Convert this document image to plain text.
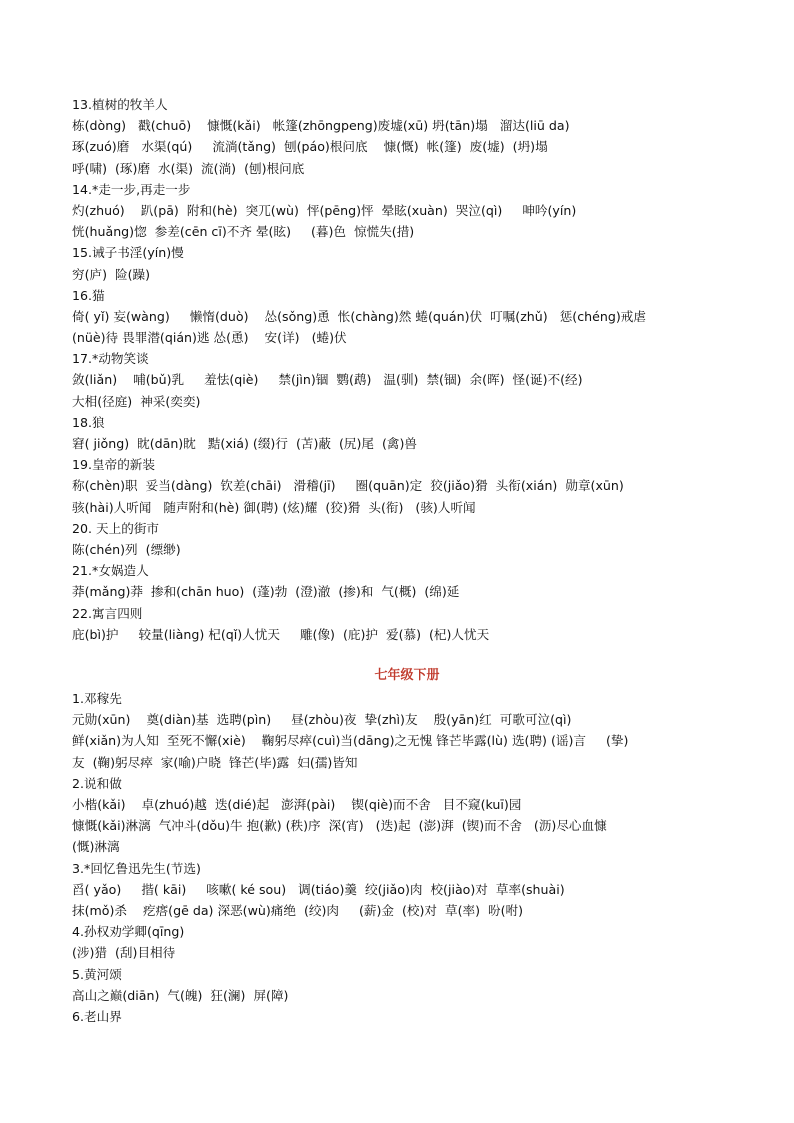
13.植树的牧羊人
栋(dòng)   戳(chuō)    慷慨(kǎi)   帐篷(zhōngpeng)废墟(xū) 坍(tān)塌   溜达(liū da)
琢(zuó)磨   水渠(qú)     流淌(tǎng)  刨(páo)根问底    慷(慨)  帐(篷)  废(墟)  (坍)塌
呼(啸)  (琢)磨  水(渠)  流(淌)  (刨)根问底
14.*走一步,再走一步
灼(zhuó)    趴(pā)  附和(hè)  突兀(wù)  怦(pēng)怦  晕眩(xuàn)  哭泣(qì)     呻吟(yín)
恍(huǎng)惚  参差(cēn cī)不齐 晕(眩)     (暮)色  惊慌失(措)
15.诫子书淫(yín)慢
穷(庐)  险(躁)
16.猫
倚( yǐ) 妄(wàng)     懒惰(duò)    怂(sǒng)恿  怅(chàng)然 蜷(quán)伏  叮嘱(zhǔ)   惩(chéng)戒虐
(nüè)待 畏罪潜(qián)逃 怂(恿)    安(详)   (蜷)伏
17.*动物笑谈
敛(liǎn)    哺(bǔ)乳     羞怯(qiè)     禁(jìn)锢  鹦(鹉)   温(驯)  禁(锢)  余(晖)  怪(诞)不(经)
大相(径庭)  神采(奕奕)
18.狼
窘( jiǒng)  眈(dān)眈   黠(xiá) (缀)行  (苫)蔽  (尻)尾  (禽)兽
19.皇帝的新装
称(chèn)职  妥当(dàng)  钦差(chāi)   滑稽(jī)     圈(quān)定  狡(jiǎo)猾  头衔(xián)  勋章(xūn)
骇(hài)人听闻   随声附和(hè) 御(聘) (炫)耀  (狡)猾  头(衔)   (骇)人听闻
20. 天上的街市
陈(chén)列  (缥缈)
21.*女娲造人
莽(mǎng)莽  掺和(chān huo)  (蓬)勃  (澄)澈  (掺)和  气(概)  (绵)延
22.寓言四则
庇(bì)护     较量(liàng) 杞(qǐ)人忧天     雕(像)  (庇)护  爱(慕)  (杞)人忧天
七年级下册
1.邓稼先
元勋(xūn)    奠(diàn)基  选聘(pìn)     昼(zhòu)夜  挚(zhì)友    殷(yān)红  可歌可泣(qì)
鲜(xiǎn)为人知  至死不懈(xiè)    鞠躬尽瘁(cuì)当(dāng)之无愧 锋芒毕露(lù) 选(聘) (谣)言     (挚)
友  (鞠)躬尽瘁  家(喻)户晓  锋芒(毕)露  妇(孺)皆知
2.说和做
小楷(kǎi)    卓(zhuó)越  迭(dié)起   澎湃(pài)    锲(qiè)而不舍   目不窥(kuī)园
慷慨(kǎi)淋漓  气冲斗(dǒu)牛 抱(歉) (秩)序  深(宵)   (迭)起  (澎)湃  (锲)而不舍   (沥)尽心血慷
(慨)淋漓
3.*回忆鲁迅先生(节选)
舀( yǎo)     揩( kāi)     咳嗽( ké sou)   调(tiáo)羹  绞(jiǎo)肉  校(jiào)对  草率(shuài)
抹(mǒ)杀    疙瘩(gē da) 深恶(wù)痛绝  (绞)肉     (薪)金  (校)对  草(率)  吩(咐)
4.孙权劝学卿(qīng)
(涉)猎  (刮)目相待
5.黄河颂
高山之巅(diān)  气(魄)  狂(澜)  屏(障)
6.老山界
